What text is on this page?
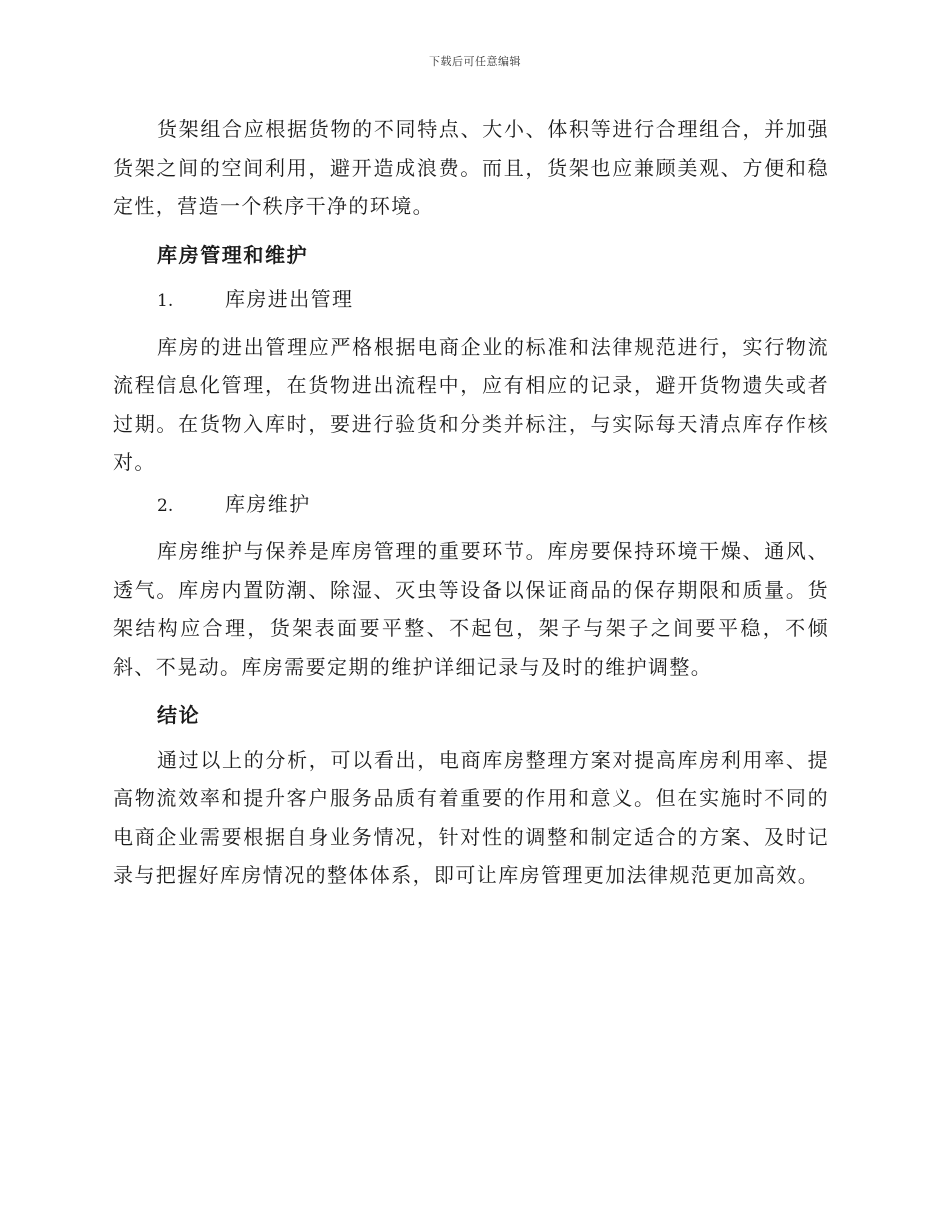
下载后可任意编辑

货架组合应根据货物的不同特点、大小、体积等进行合理组合，并加强货架之间的空间利用，避开造成浪费。而且，货架也应兼顾美观、方便和稳定性，营造一个秩序干净的环境。

库房管理和维护
1.	库房进出管理

库房的进出管理应严格根据电商企业的标准和法律规范进行，实行物流流程信息化管理，在货物进出流程中，应有相应的记录，避开货物遗失或者过期。在货物入库时，要进行验货和分类并标注，与实际每天清点库存作核对。

2.	库房维护

库房维护与保养是库房管理的重要环节。库房要保持环境干燥、通风、透气。库房内置防潮、除湿、灭虫等设备以保证商品的保存期限和质量。货架结构应合理，货架表面要平整、不起包，架子与架子之间要平稳，不倾斜、不晃动。库房需要定期的维护详细记录与及时的维护调整。

结论

通过以上的分析，可以看出，电商库房整理方案对提高库房利用率、提高物流效率和提升客户服务品质有着重要的作用和意义。但在实施时不同的电商企业需要根据自身业务情况，针对性的调整和制定适合的方案、及时记录与把握好库房情况的整体体系，即可让库房管理更加法律规范更加高效。
